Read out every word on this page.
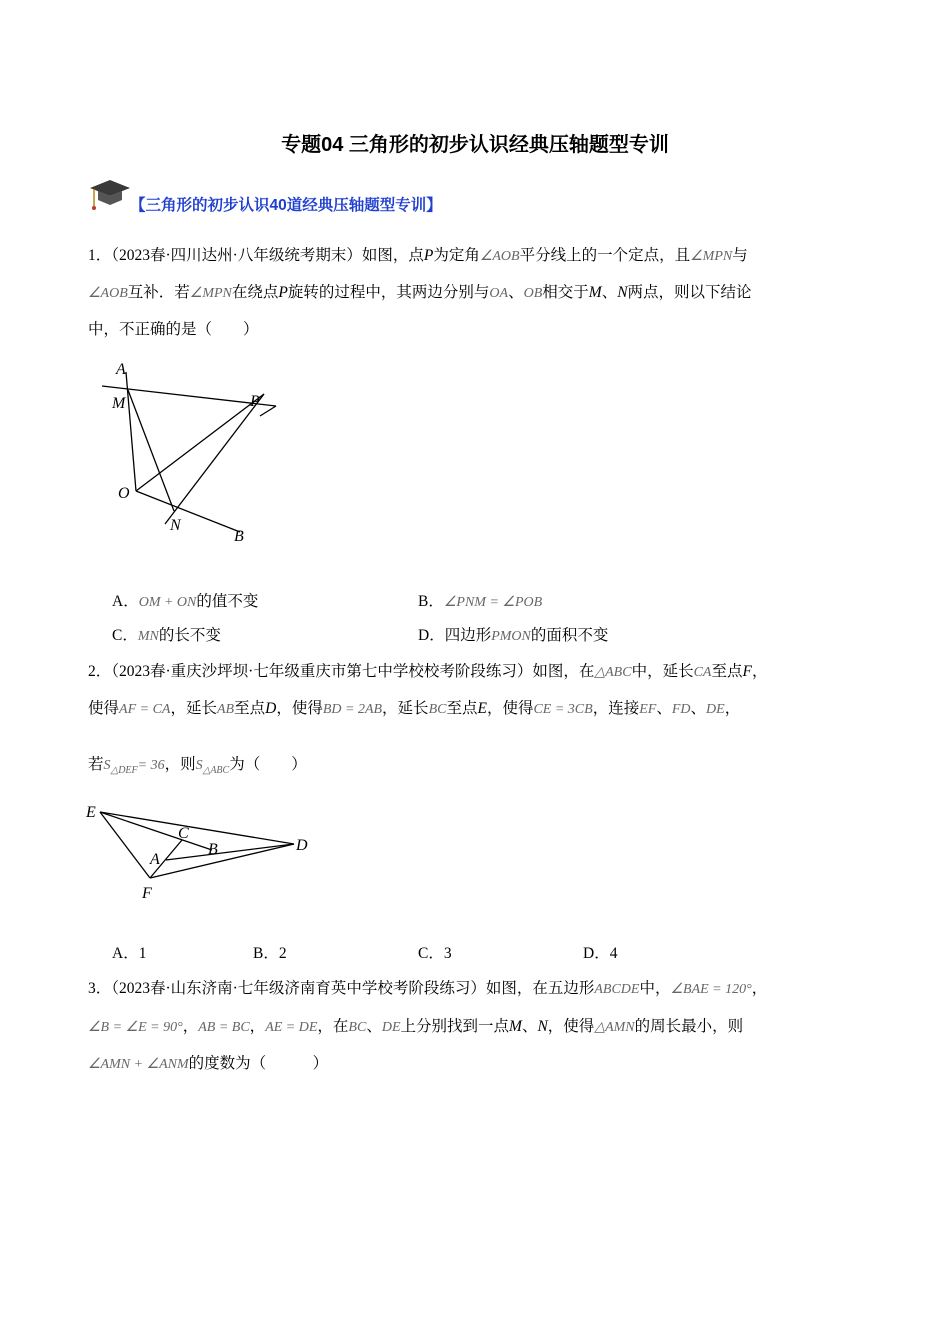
专题04 三角形的初步认识经典压轴题型专训
【三角形的初步认识40道经典压轴题型专训】
1．（2023春·四川达州·八年级统考期末）如图，点P为定角∠AOB平分线上的一个定点，且∠MPN与
∠AOB互补．若∠MPN在绕点P旋转的过程中，其两边分别与OA、OB相交于M、N两点，则以下结论
中，不正确的是（　　）
A
M	P
O
N
B
A．OM + ON的值不变	B．∠PNM = ∠POB
C．MN的长不变	D．四边形PMON的面积不变
2．（2023春·重庆沙坪坝·七年级重庆市第七中学校校考阶段练习）如图，在△ABC中，延长CA至点F，
使得AF = CA，延长AB至点D，使得BD = 2AB，延长BC至点E，使得CE = 3CB，连接EF、FD、DE，
若$S_{\triangle DEF}= 36$，则$S_{\triangle ABC}$为（　　）
E
C
A
B	D
F
A．1	B．2	C．3	D．4
3．（2023春·山东济南·七年级济南育英中学校考阶段练习）如图，在五边形ABCDE中，∠BAE = 120°，
∠B = ∠E = 90°，AB = BC，AE = DE，在BC、DE上分别找到一点M、N，使得△AMN的周长最小，则
∠AMN + ∠ANM的度数为（　　　）
